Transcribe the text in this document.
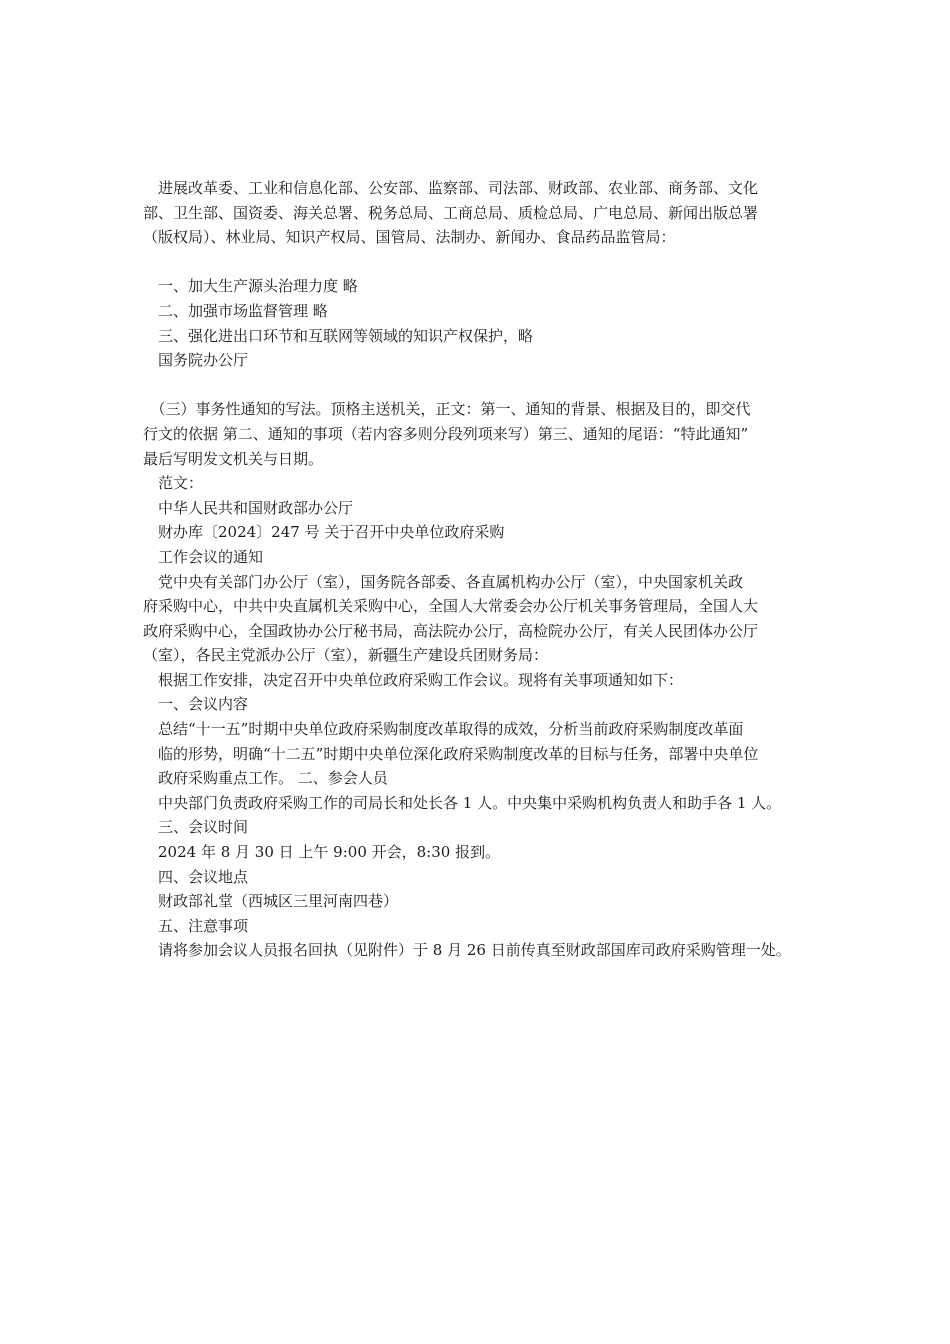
　进展改革委、工业和信息化部、公安部、监察部、司法部、财政部、农业部、商务部、文化
部、卫生部、国资委、海关总署、税务总局、工商总局、质检总局、广电总局、新闻出版总署
（版权局）、林业局、知识产权局、国管局、法制办、新闻办、食品药品监管局：
　一、加大生产源头治理力度 略
　二、加强市场监督管理 略
　三、强化进出口环节和互联网等领域的知识产权保护，略
　国务院办公厅
　（三）事务性通知的写法。顶格主送机关，正文：第一、通知的背景、根据及目的，即交代
行文的依据 第二、通知的事项（若内容多则分段列项来写）第三、通知的尾语：“特此通知”
最后写明发文机关与日期。
　范文：
　中华人民共和国财政部办公厅
　财办库〔2024〕247 号 关于召开中央单位政府采购
　工作会议的通知
　党中央有关部门办公厅（室），国务院各部委、各直属机构办公厅（室），中央国家机关政
府采购中心，中共中央直属机关采购中心，全国人大常委会办公厅机关事务管理局，全国人大
政府采购中心，全国政协办公厅秘书局，高法院办公厅，高检院办公厅，有关人民团体办公厅
（室），各民主党派办公厅（室），新疆生产建设兵团财务局：
　根据工作安排，决定召开中央单位政府采购工作会议。现将有关事项通知如下：
　一、会议内容
　总结“十一五”时期中央单位政府采购制度改革取得的成效，分析当前政府采购制度改革面
　临的形势，明确“十二五”时期中央单位深化政府采购制度改革的目标与任务，部署中央单位
　政府采购重点工作。 二、参会人员
　中央部门负责政府采购工作的司局长和处长各 1 人。中央集中采购机构负责人和助手各 1 人。
　三、会议时间
　2024 年 8 月 30 日 上午 9:00 开会，8:30 报到。
　四、会议地点
　财政部礼堂（西城区三里河南四巷）
　五、注意事项
　请将参加会议人员报名回执（见附件）于 8 月 26 日前传真至财政部国库司政府采购管理一处。
